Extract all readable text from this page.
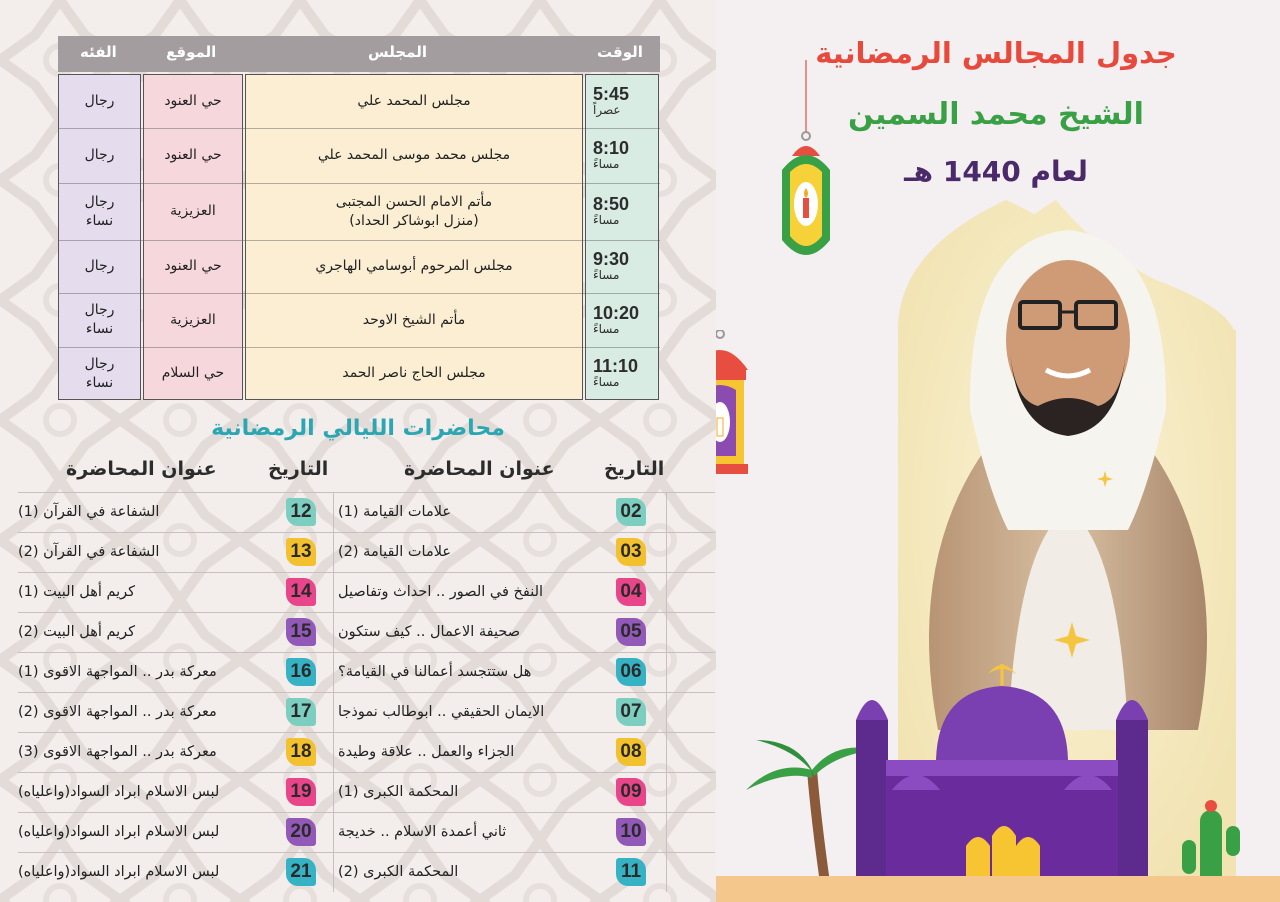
الوقت
المجلس
الموقع
الفئه
5:45
عصراً
مجلس المحمد علي
حي العنود
رجال
8:10
مساءً
مجلس محمد موسى المحمد علي
حي العنود
رجال
8:50
مساءً
مأتم الامام الحسن المجتبى
(منزل ابوشاكر الحداد)
العزيزية
رجال
نساء
9:30
مساءً
مجلس المرحوم أبوسامي الهاجري
حي العنود
رجال
10:20
مساءً
مأتم الشيخ الاوحد
العزيزية
رجال
نساء
11:10
مساءً
مجلس الحاج ناصر الحمد
حي السلام
رجال
نساء
محاضرات الليالي الرمضانية
التاريخ
عنوان المحاضرة
التاريخ
عنوان المحاضرة
02
علامات القيامة (1)
12
الشفاعة في القرآن (1)
03
علامات القيامة (2)
13
الشفاعة في القرآن (2)
04
النفخ في الصور .. احداث وتفاصيل
14
كريم أهل البيت (1)
05
صحيفة الاعمال .. كيف ستكون
15
كريم أهل البيت (2)
06
هل ستتجسد أعمالنا في القيامة؟
16
معركة بدر .. المواجهة الاقوى (1)
07
الايمان الحقيقي .. ابوطالب نموذجا
17
معركة بدر .. المواجهة الاقوى (2)
08
الجزاء والعمل .. علاقة وطيدة
18
معركة بدر .. المواجهة الاقوى (3)
09
المحكمة الكبرى (1)
19
لبس الاسلام ابراد السواد(واعلياه)
10
ثاني أعمدة الاسلام .. خديجة
20
لبس الاسلام ابراد السواد(واعلياه)
11
المحكمة الكبرى (2)
21
لبس الاسلام ابراد السواد(واعلياه)
جدول المجالس الرمضانية
الشيخ محمد السمين
لعام 1440 هـ
